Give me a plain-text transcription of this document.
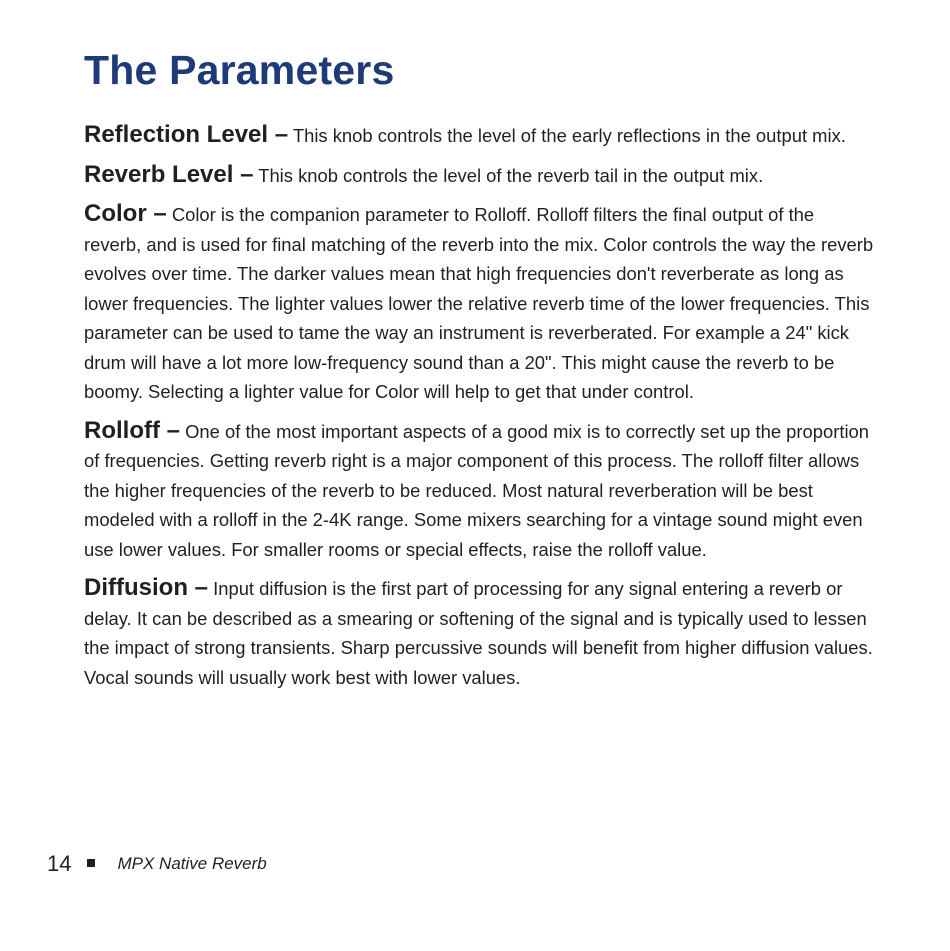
The Parameters

Reflection Level – This knob controls the level of the early reflections in the output mix.

Reverb Level – This knob controls the level of the reverb tail in the output mix.

Color – Color is the companion parameter to Rolloff. Rolloff filters the final output of the reverb, and is used for final matching of the reverb into the mix. Color controls the way the reverb evolves over time. The darker values mean that high frequencies don't reverberate as long as lower frequencies. The lighter values lower the relative reverb time of the lower frequencies. This parameter can be used to tame the way an instrument is reverberated. For example a 24" kick drum will have a lot more low-frequency sound than a 20". This might cause the reverb to be boomy. Selecting a lighter value for Color will help to get that under control.

Rolloff – One of the most important aspects of a good mix is to correctly set up the proportion of frequencies. Getting reverb right is a major component of this process. The rolloff filter allows the higher frequencies of the reverb to be reduced. Most natural reverberation will be best modeled with a rolloff in the 2-4K range. Some mixers searching for a vintage sound might even use lower values. For smaller rooms or special effects, raise the rolloff value.

Diffusion – Input diffusion is the first part of processing for any signal entering a reverb or delay. It can be described as a smearing or softening of the signal and is typically used to lessen the impact of strong transients. Sharp percussive sounds will benefit from higher diffusion values. Vocal sounds will usually work best with lower values.

14	MPX Native Reverb
